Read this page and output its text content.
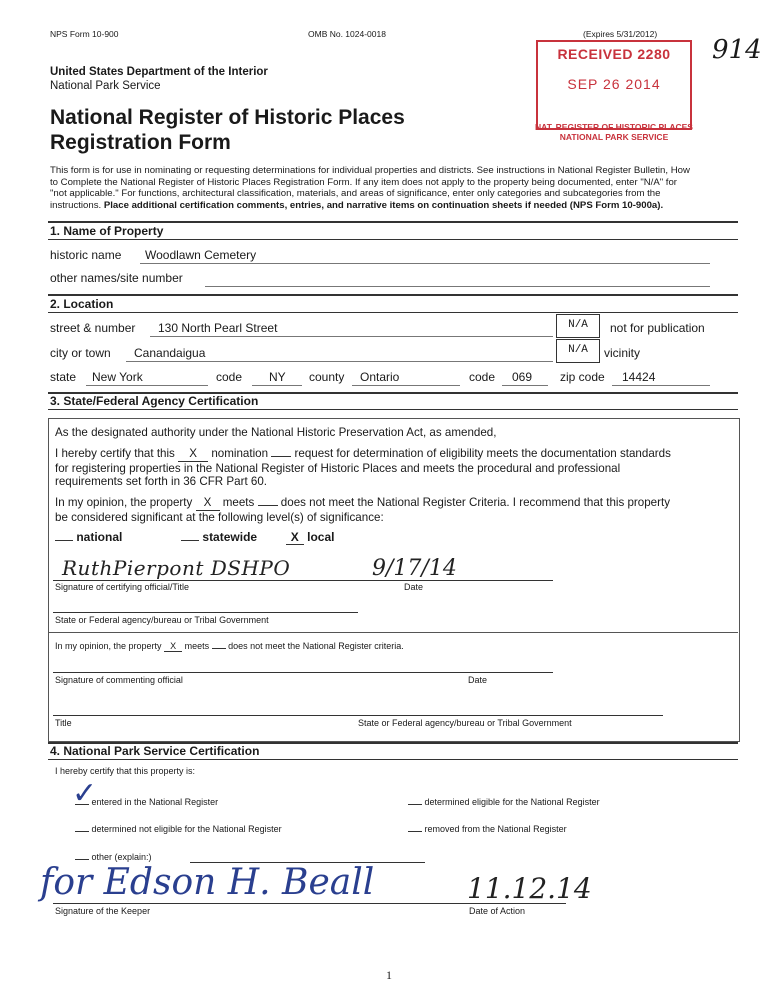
NPS Form 10-900	OMB No. 1024-0018	(Expires 5/31/2012)
914
RECEIVED 2280
SEP 26 2014
NAT. REGISTER OF HISTORIC PLACES
NATIONAL PARK SERVICE
United States Department of the Interior
National Park Service
National Register of Historic Places
Registration Form
This form is for use in nominating or requesting determinations for individual properties and districts. See instructions in National Register Bulletin, How
to Complete the National Register of Historic Places Registration Form. If any item does not apply to the property being documented, enter "N/A" for
"not applicable." For functions, architectural classification, materials, and areas of significance, enter only categories and subcategories from the
instructions. Place additional certification comments, entries, and narrative items on continuation sheets if needed (NPS Form 10-900a).
1. Name of Property
historic name Woodlawn Cemetery
other names/site number
2. Location
street & number 130 North Pearl Street	N/A	not for publication
city or town Canandaigua	N/A	vicinity
state New York	code NY county Ontario	code 069 zip code 14424
3. State/Federal Agency Certification
As the designated authority under the National Historic Preservation Act, as amended,
I hereby certify that this X nomination request for determination of eligibility meets the documentation standards
for registering properties in the National Register of Historic Places and meets the procedural and professional
requirements set forth in 36 CFR Part 60.
In my opinion, the property X meets does not meet the National Register Criteria. I recommend that this property
be considered significant at the following level(s) of significance:
national	statewide	X local
RuthPierpont DSHPO	9/17/14
Signature of certifying official/Title	Date
State or Federal agency/bureau or Tribal Government
In my opinion, the property X meets does not meet the National Register criteria.
Signature of commenting official	Date
Title	State or Federal agency/bureau or Tribal Government
4. National Park Service Certification
I hereby certify that this property is:
✓
entered in the National Register	determined eligible for the National Register
determined not eligible for the National Register	removed from the National Register
other (explain:)
for Edson H. Beall	11.12.14
Signature of the Keeper	Date of Action
1
